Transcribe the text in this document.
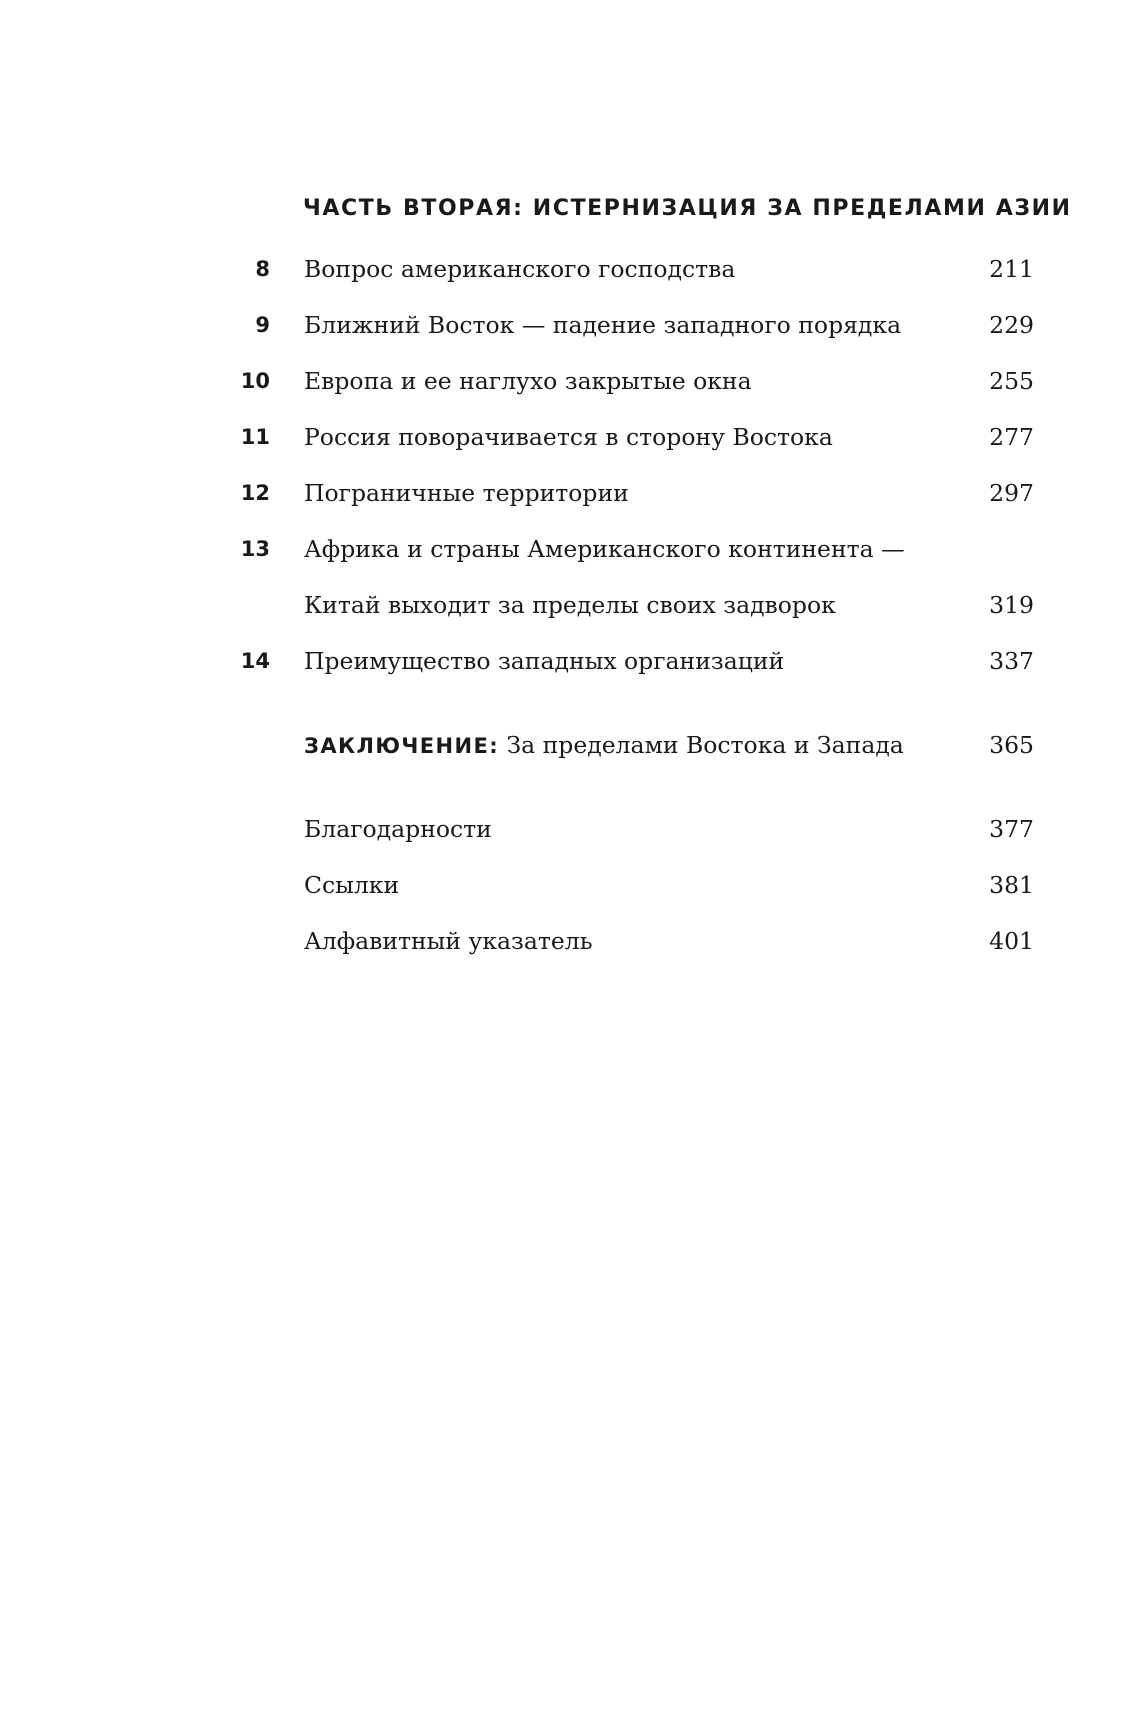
ЧАСТЬ ВТОРАЯ: ИСТЕРНИЗАЦИЯ ЗА ПРЕДЕЛАМИ АЗИИ
8 Вопрос американского господства	211
9 Ближний Восток — падение западного порядка	229
10 Европа и ее наглухо закрытые окна	255
11 Россия поворачивается в сторону Востока	277
12 Пограничные территории	297
13 Африка и страны Американского континента —
Китай выходит за пределы своих задворок	319
14 Преимущество западных организаций	337
ЗАКЛЮЧЕНИЕ: За пределами Востока и Запада	365
Благодарности	377
Ссылки	381
Алфавитный указатель	401
